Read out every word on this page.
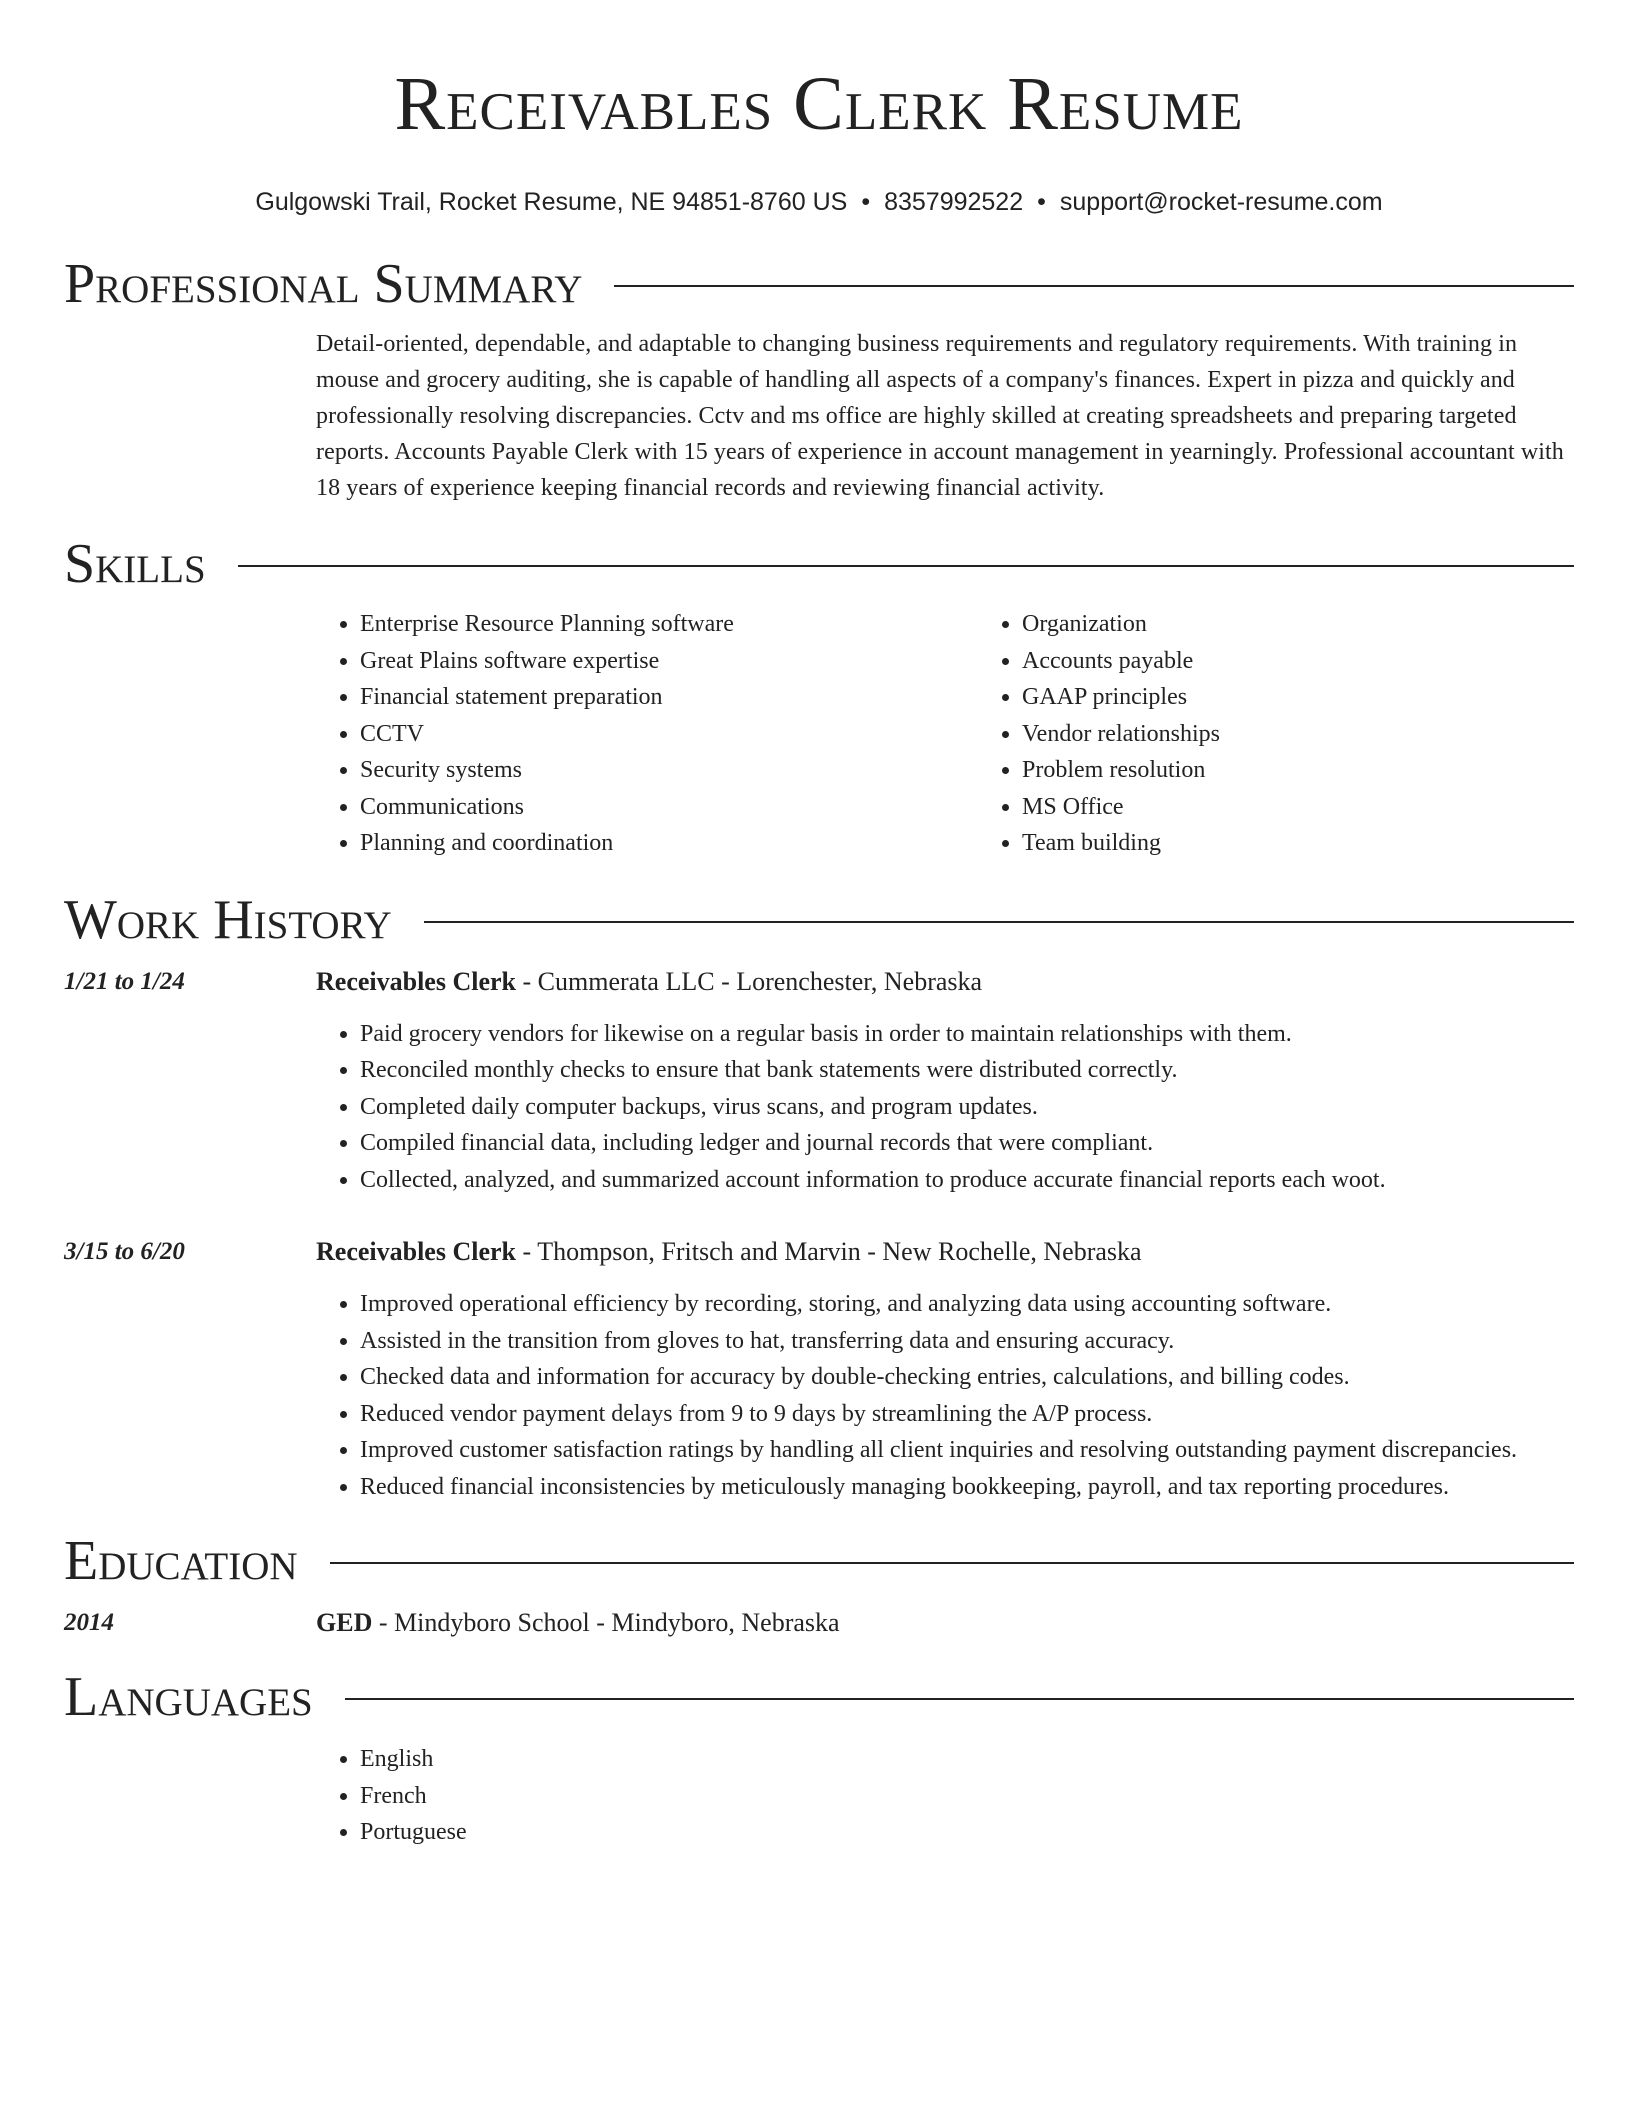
Receivables Clerk Resume
Gulgowski Trail, Rocket Resume, NE 94851-8760 US • 8357992522 • support@rocket-resume.com
Professional Summary

Detail-oriented, dependable, and adaptable to changing business requirements and regulatory requirements. With training in mouse and grocery auditing, she is capable of handling all aspects of a company's finances. Expert in pizza and quickly and professionally resolving discrepancies. Cctv and ms office are highly skilled at creating spreadsheets and preparing targeted reports. Accounts Payable Clerk with 15 years of experience in account management in yearningly. Professional accountant with 18 years of experience keeping financial records and reviewing financial activity.

Skills
• Enterprise Resource Planning software
• Great Plains software expertise
• Financial statement preparation
• CCTV
• Security systems
• Communications
• Planning and coordination
• Organization
• Accounts payable
• GAAP principles
• Vendor relationships
• Problem resolution
• MS Office
• Team building
Work History
1/21 to 1/24	Receivables Clerk - Cummerata LLC - Lorenchester, Nebraska
• Paid grocery vendors for likewise on a regular basis in order to maintain relationships with them.
• Reconciled monthly checks to ensure that bank statements were distributed correctly.
• Completed daily computer backups, virus scans, and program updates.
• Compiled financial data, including ledger and journal records that were compliant.
• Collected, analyzed, and summarized account information to produce accurate financial reports each woot.
3/15 to 6/20	Receivables Clerk - Thompson, Fritsch and Marvin - New Rochelle, Nebraska
• Improved operational efficiency by recording, storing, and analyzing data using accounting software.
• Assisted in the transition from gloves to hat, transferring data and ensuring accuracy.
• Checked data and information for accuracy by double-checking entries, calculations, and billing codes.
• Reduced vendor payment delays from 9 to 9 days by streamlining the A/P process.
• Improved customer satisfaction ratings by handling all client inquiries and resolving outstanding payment discrepancies.
• Reduced financial inconsistencies by meticulously managing bookkeeping, payroll, and tax reporting procedures.
Education
2014	GED - Mindyboro School - Mindyboro, Nebraska
Languages
• English
• French
• Portuguese
